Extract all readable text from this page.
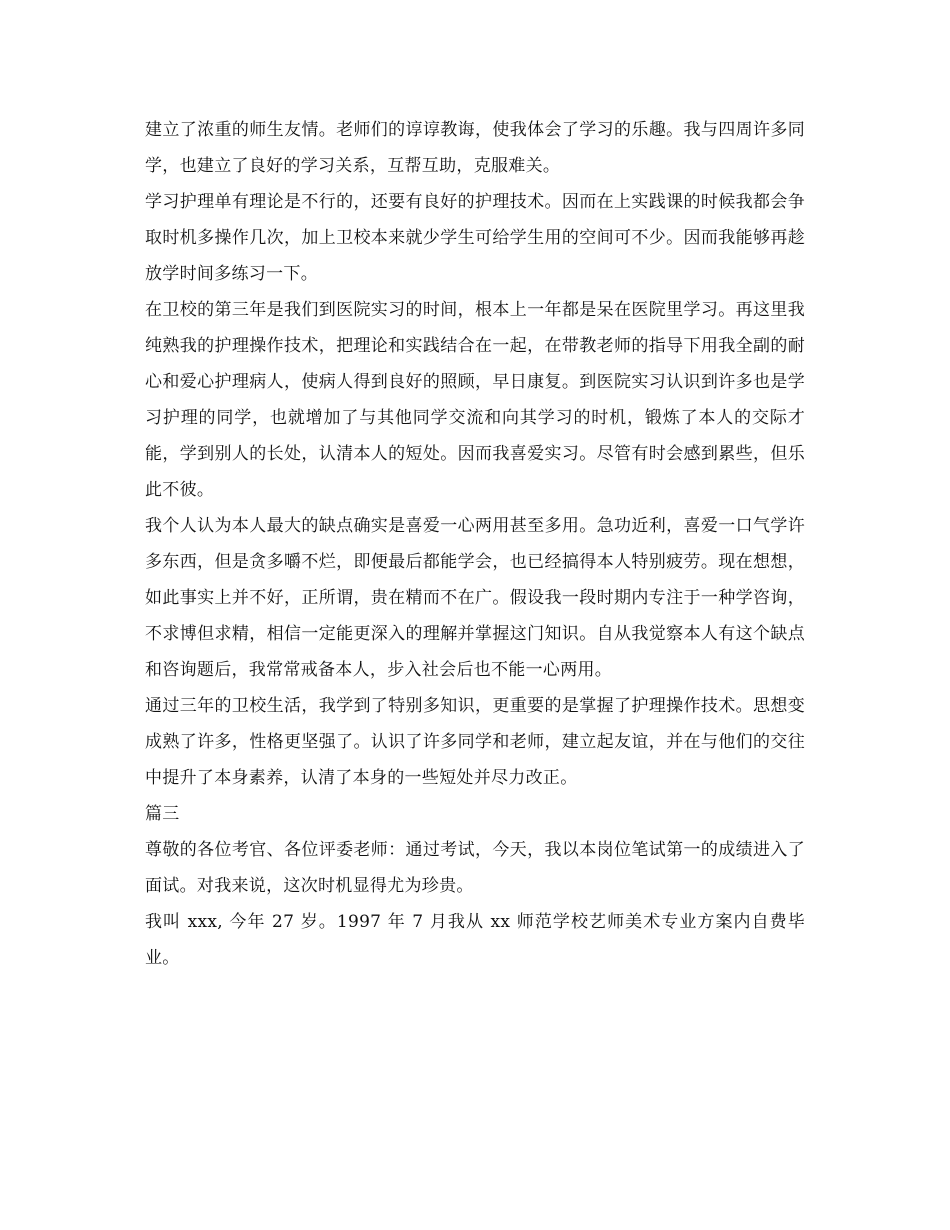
建立了浓重的师生友情。老师们的谆谆教诲，使我体会了学习的乐趣。我与四周许多同学，也建立了良好的学习关系，互帮互助，克服难关。

学习护理单有理论是不行的，还要有良好的护理技术。因而在上实践课的时候我都会争取时机多操作几次，加上卫校本来就少学生可给学生用的空间可不少。因而我能够再趁放学时间多练习一下。

在卫校的第三年是我们到医院实习的时间，根本上一年都是呆在医院里学习。再这里我纯熟我的护理操作技术，把理论和实践结合在一起，在带教老师的指导下用我全副的耐心和爱心护理病人，使病人得到良好的照顾，早日康复。到医院实习认识到许多也是学习护理的同学，也就增加了与其他同学交流和向其学习的时机，锻炼了本人的交际才能，学到别人的长处，认清本人的短处。因而我喜爱实习。尽管有时会感到累些，但乐此不彼。

我个人认为本人最大的缺点确实是喜爱一心两用甚至多用。急功近利，喜爱一口气学许多东西，但是贪多嚼不烂，即便最后都能学会，也已经搞得本人特别疲劳。现在想想，如此事实上并不好，正所谓，贵在精而不在广。假设我一段时期内专注于一种学咨询，不求博但求精，相信一定能更深入的理解并掌握这门知识。自从我觉察本人有这个缺点和咨询题后，我常常戒备本人，步入社会后也不能一心两用。

通过三年的卫校生活，我学到了特别多知识，更重要的是掌握了护理操作技术。思想变成熟了许多，性格更坚强了。认识了许多同学和老师，建立起友谊，并在与他们的交往中提升了本身素养，认清了本身的一些短处并尽力改正。

篇三

尊敬的各位考官、各位评委老师：通过考试，今天，我以本岗位笔试第一的成绩进入了面试。对我来说，这次时机显得尤为珍贵。

我叫 xxx, 今年 27 岁。1997 年 7 月我从 xx 师范学校艺师美术专业方案内自费毕业。
